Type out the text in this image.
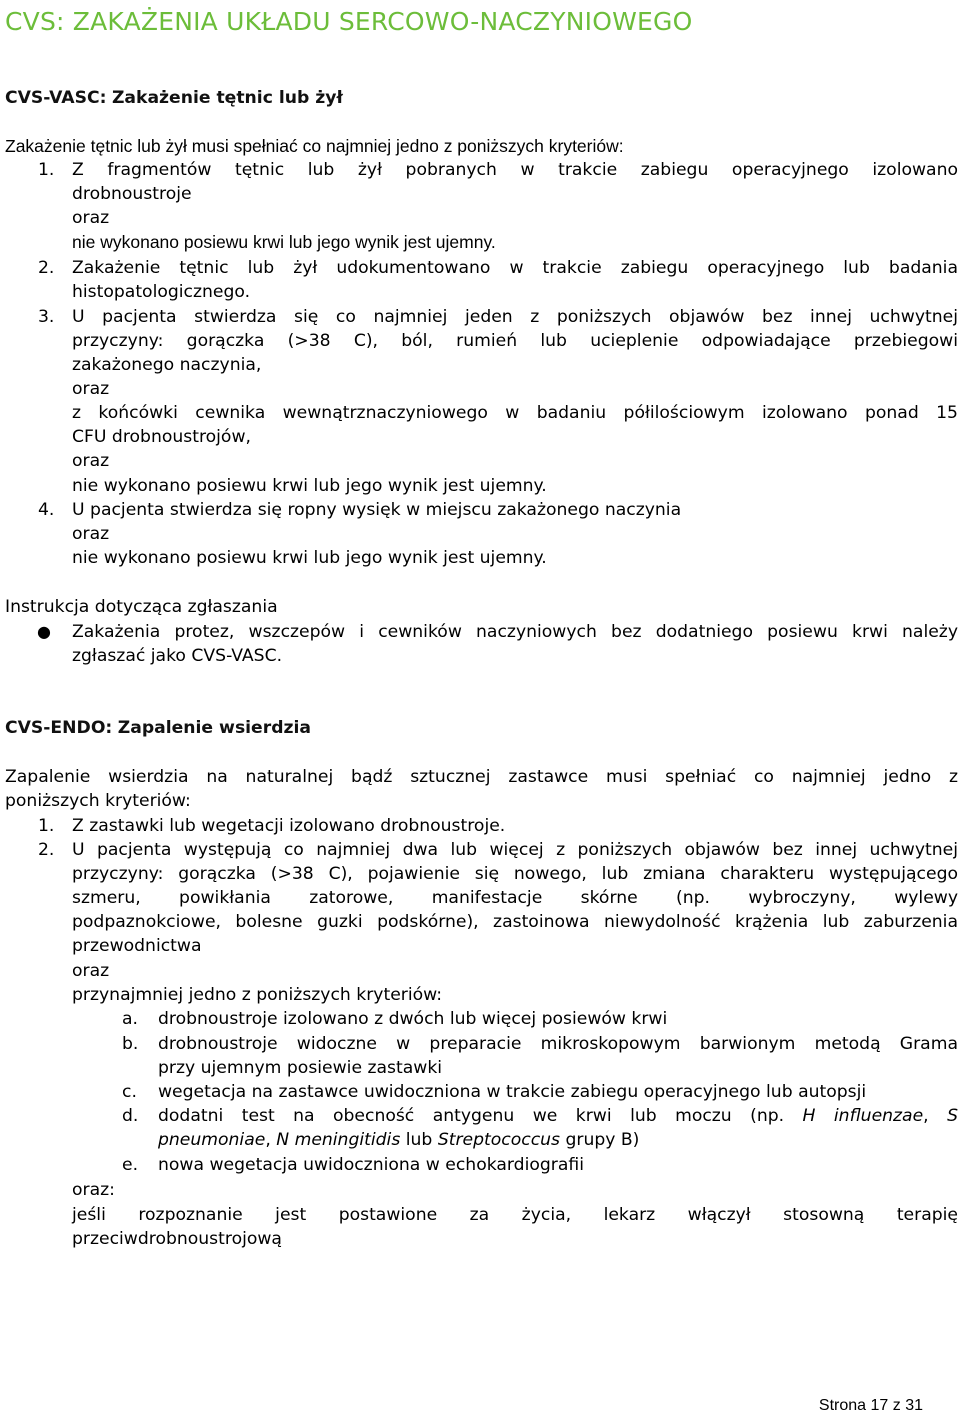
CVS: ZAKAŻENIA UKŁADU SERCOWO-NACZYNIOWEGO
CVS-VASC: Zakażenie tętnic lub żył
Zakażenie tętnic lub żył musi spełniać co najmniej jedno z poniższych kryteriów:
1.	Z fragmentów tętnic lub żył pobranych w trakcie zabiegu operacyjnego izolowano
drobnoustroje
oraz
nie wykonano posiewu krwi lub jego wynik jest ujemny.
2.	Zakażenie tętnic lub żył udokumentowano w trakcie zabiegu operacyjnego lub badania
histopatologicznego.
3.	U pacjenta stwierdza się co najmniej jeden z poniższych objawów bez innej uchwytnej
przyczyny: gorączka (>38 C), ból, rumień lub ucieplenie odpowiadające przebiegowi
zakażonego naczynia,
oraz
z końcówki cewnika wewnątrznaczyniowego w badaniu półilościowym izolowano ponad 15
CFU drobnoustrojów,
oraz
nie wykonano posiewu krwi lub jego wynik jest ujemny.
4.	U pacjenta stwierdza się ropny wysięk w miejscu zakażonego naczynia
oraz
nie wykonano posiewu krwi lub jego wynik jest ujemny.
Instrukcja dotycząca zgłaszania
● Zakażenia protez, wszczepów i cewników naczyniowych bez dodatniego posiewu krwi należy
zgłaszać jako CVS-VASC.
CVS-ENDO: Zapalenie wsierdzia
Zapalenie wsierdzia na naturalnej bądź sztucznej zastawce musi spełniać co najmniej jedno z
poniższych kryteriów:
1.	Z zastawki lub wegetacji izolowano drobnoustroje.
2.	U pacjenta występują co najmniej dwa lub więcej z poniższych objawów bez innej uchwytnej
przyczyny: gorączka (>38 C), pojawienie się nowego, lub zmiana charakteru występującego
szmeru, powikłania zatorowe, manifestacje skórne (np. wybroczyny, wylewy
podpaznokciowe, bolesne guzki podskórne), zastoinowa niewydolność krążenia lub zaburzenia
przewodnictwa
oraz
przynajmniej jedno z poniższych kryteriów:
a. drobnoustroje izolowano z dwóch lub więcej posiewów krwi
b. drobnoustroje widoczne w preparacie mikroskopowym barwionym metodą Grama
przy ujemnym posiewie zastawki
c. wegetacja na zastawce uwidoczniona w trakcie zabiegu operacyjnego lub autopsji
d. dodatni test na obecność antygenu we krwi lub moczu (np. H influenzae, S
pneumoniae, N meningitidis lub Streptococcus grupy B)
e. nowa wegetacja uwidoczniona w echokardiografii
oraz:
jeśli rozpoznanie jest postawione za życia, lekarz włączył stosowną terapię
przeciwdrobnoustrojową
Strona 17 z 31
